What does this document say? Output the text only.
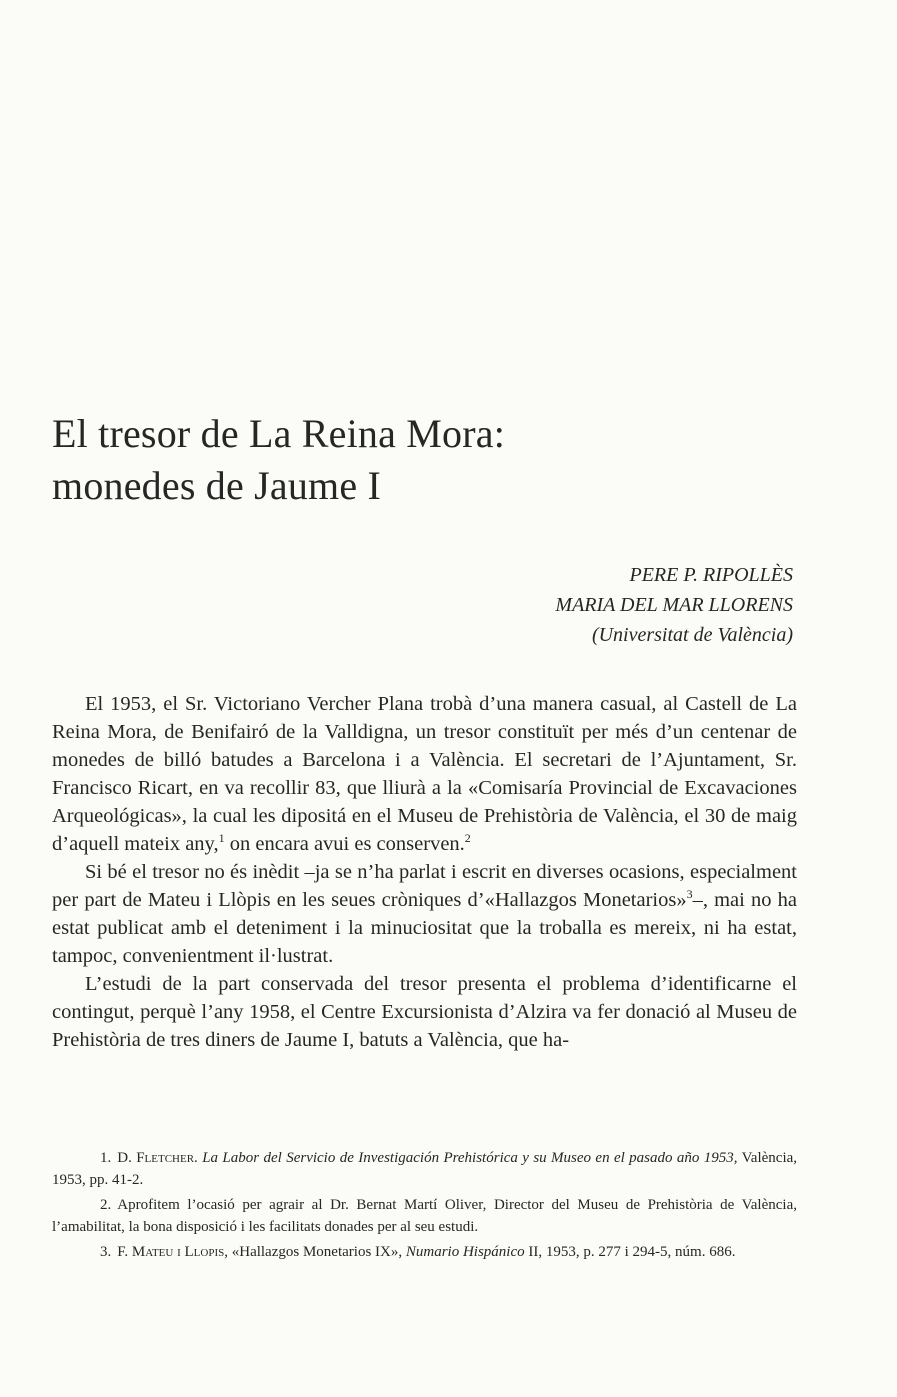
El tresor de La Reina Mora:
monedes de Jaume I
PERE P. RIPOLLÈS
MARIA DEL MAR LLORENS
(Universitat de València)

El 1953, el Sr. Victoriano Vercher Plana trobà d’una manera casual, al Castell de La Reina Mora, de Benifairó de la Valldigna, un tresor constituït per més d’un centenar de monedes de billó batudes a Barcelona i a València. El secretari de l’Ajuntament, Sr. Francisco Ricart, en va recollir 83, que lliurà a la «Comisaría Provincial de Excavaciones Arqueológicas», la cual les dipositá en el Museu de Prehistòria de València, el 30 de maig d’aquell mateix any,$^1$ on encara avui es conserven.$^2$

Si bé el tresor no és inèdit –ja se n’ha parlat i escrit en diverses ocasions, especialment per part de Mateu i Llòpis en les seues cròniques d’«Hallazgos Monetarios»$^3$–, mai no ha estat publicat amb el deteniment i la minuciositat que la troballa es mereix, ni ha estat, tampoc, convenientment il·lustrat.

L’estudi de la part conservada del tresor presenta el problema d’identificarne el contingut, perquè l’any 1958, el Centre Excursionista d’Alzira va fer donació al Museu de Prehistòria de tres diners de Jaume I, batuts a València, que ha-

1. D. Fletcher. La Labor del Servicio de Investigación Prehistórica y su Museo en el pasado año 1953, València, 1953, pp. 41-2.

2. Aprofitem l’ocasió per agrair al Dr. Bernat Martí Oliver, Director del Museu de Prehistòria de València, l’amabilitat, la bona disposició i les facilitats donades per al seu estudi.

3. F. Mateu i Llopis, «Hallazgos Monetarios IX», Numario Hispánico II, 1953, p. 277 i 294-5, núm. 686.
